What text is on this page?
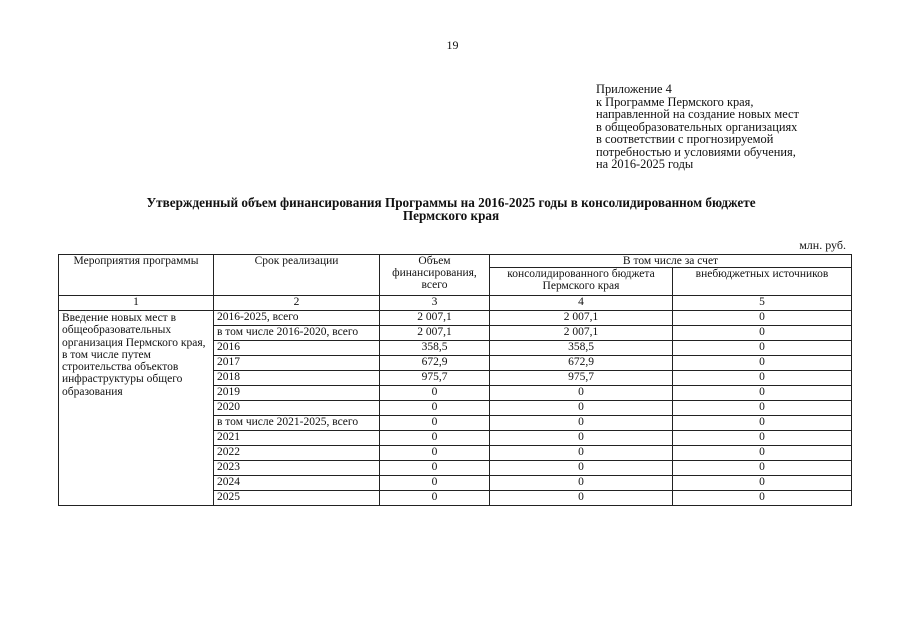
19
Приложение 4
к Программе Пермского края,
направленной на создание новых мест
в общеобразовательных организациях
в соответствии с прогнозируемой
потребностью и условиями обучения,
на 2016-2025 годы
Утвержденный объем финансирования Программы на 2016-2025 годы в консолидированном бюджете
Пермского края
млн. руб.
Мероприятия программы	Срок реализации	Объем финансирования, всего	В том числе за счет	
			консолидированного бюджета Пермского края	внебюджетных источников
1	2	3	4	5
Введение новых мест в общеобразовательных организация Пермского края, в том числе путем строительства объектов инфраструктуры общего образования	2016-2025, всего	2 007,1	2 007,1	0
	в том числе 2016-2020, всего	2 007,1	2 007,1	0
	2016	358,5	358,5	0
	2017	672,9	672,9	0
	2018	975,7	975,7	0
	2019	0	0	0
	2020	0	0	0
	в том числе 2021-2025, всего	0	0	0
	2021	0	0	0
	2022	0	0	0
	2023	0	0	0
	2024	0	0	0
	2025	0	0	0
